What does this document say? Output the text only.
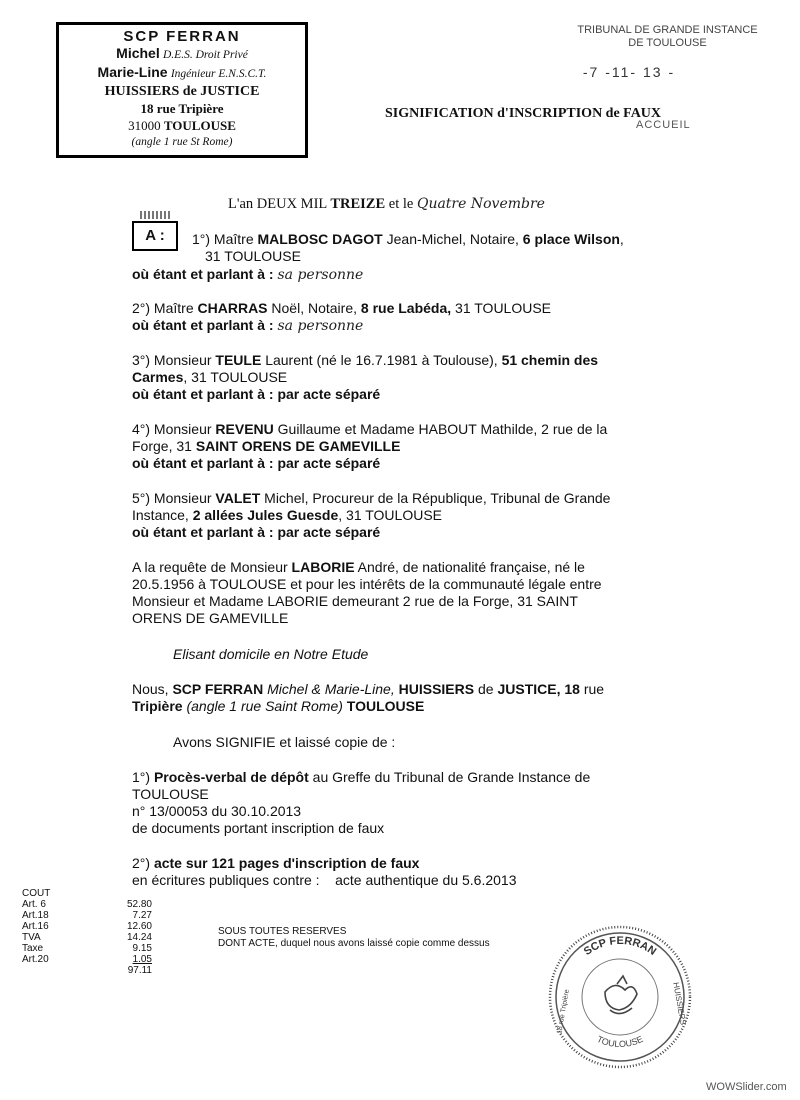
SCP FERRAN
Michel D.E.S. Droit Privé
Marie-Line Ingénieur E.N.S.C.T.
HUISSIERS de JUSTICE
18 rue Tripière
31000 TOULOUSE
(angle 1 rue St Rome)
TRIBUNAL DE GRANDE INSTANCE
DE TOULOUSE
-7 -11- 13 -
SIGNIFICATION d'INSCRIPTION de FAUX
ACCUEIL
L'an DEUX MIL TREIZE et le Quatre Novembre
A :	1°) Maître MALBOSC DAGOT Jean-Michel, Notaire, 6 place Wilson,
31 TOULOUSE
où étant et parlant à : sa personne
2°) Maître CHARRAS Noël, Notaire, 8 rue Labéda, 31 TOULOUSE
où étant et parlant à : sa personne
3°) Monsieur TEULE Laurent (né le 16.7.1981 à Toulouse), 51 chemin des
Carmes, 31 TOULOUSE
où étant et parlant à : par acte séparé
4°) Monsieur REVENU Guillaume et Madame HABOUT Mathilde, 2 rue de la
Forge, 31 SAINT ORENS DE GAMEVILLE
où étant et parlant à : par acte séparé
5°) Monsieur VALET Michel, Procureur de la République, Tribunal de Grande
Instance, 2 allées Jules Guesde, 31 TOULOUSE
où étant et parlant à : par acte séparé
A la requête de Monsieur LABORIE André, de nationalité française, né le
20.5.1956 à TOULOUSE et pour les intérêts de la communauté légale entre
Monsieur et Madame LABORIE demeurant 2 rue de la Forge, 31 SAINT
ORENS DE GAMEVILLE
Elisant domicile en Notre Etude
Nous, SCP FERRAN Michel & Marie-Line, HUISSIERS de JUSTICE, 18 rue
Tripière (angle 1 rue Saint Rome) TOULOUSE
Avons SIGNIFIE et laissé copie de :
1°) Procès-verbal de dépôt au Greffe du Tribunal de Grande Instance de
TOULOUSE
n° 13/00053 du 30.10.2013
de documents portant inscription de faux
2°) acte sur 121 pages d'inscription de faux
en écritures publiques contre :    acte authentique du 5.6.2013
COUT
Art. 6	52.80
Art.18	7.27
Art.16	12.60
TVA	14.24
Taxe	9.15
Art.20	1.05
97.11
SOUS TOUTES RESERVES
DONT ACTE, duquel nous avons laissé copie comme dessus
SCP FERRAN
TOULOUSE
HUISSIERS
18 rue Tripière
WOWSlider.com
